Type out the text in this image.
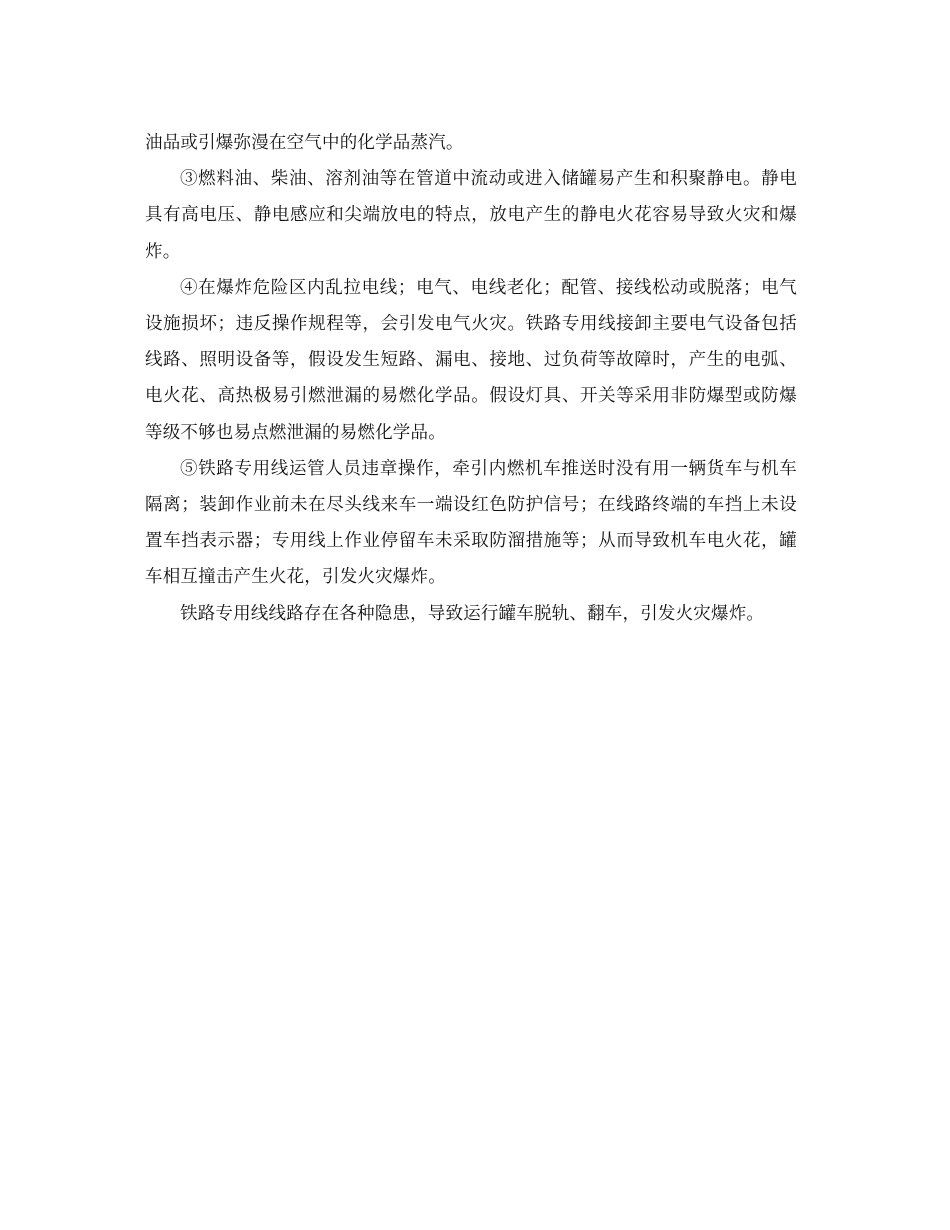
油品或引爆弥漫在空气中的化学品蒸汽。

③燃料油、柴油、溶剂油等在管道中流动或进入储罐易产生和积聚静电。静电具有高电压、静电感应和尖端放电的特点，放电产生的静电火花容易导致火灾和爆炸。

④在爆炸危险区内乱拉电线；电气、电线老化；配管、接线松动或脱落；电气设施损坏；违反操作规程等，会引发电气火灾。铁路专用线接卸主要电气设备包括线路、照明设备等，假设发生短路、漏电、接地、过负荷等故障时，产生的电弧、电火花、高热极易引燃泄漏的易燃化学品。假设灯具、开关等采用非防爆型或防爆等级不够也易点燃泄漏的易燃化学品。

⑤铁路专用线运管人员违章操作，牵引内燃机车推送时没有用一辆货车与机车隔离；装卸作业前未在尽头线来车一端设红色防护信号；在线路终端的车挡上未设置车挡表示器；专用线上作业停留车未采取防溜措施等；从而导致机车电火花，罐车相互撞击产生火花，引发火灾爆炸。

铁路专用线线路存在各种隐患，导致运行罐车脱轨、翻车，引发火灾爆炸。
